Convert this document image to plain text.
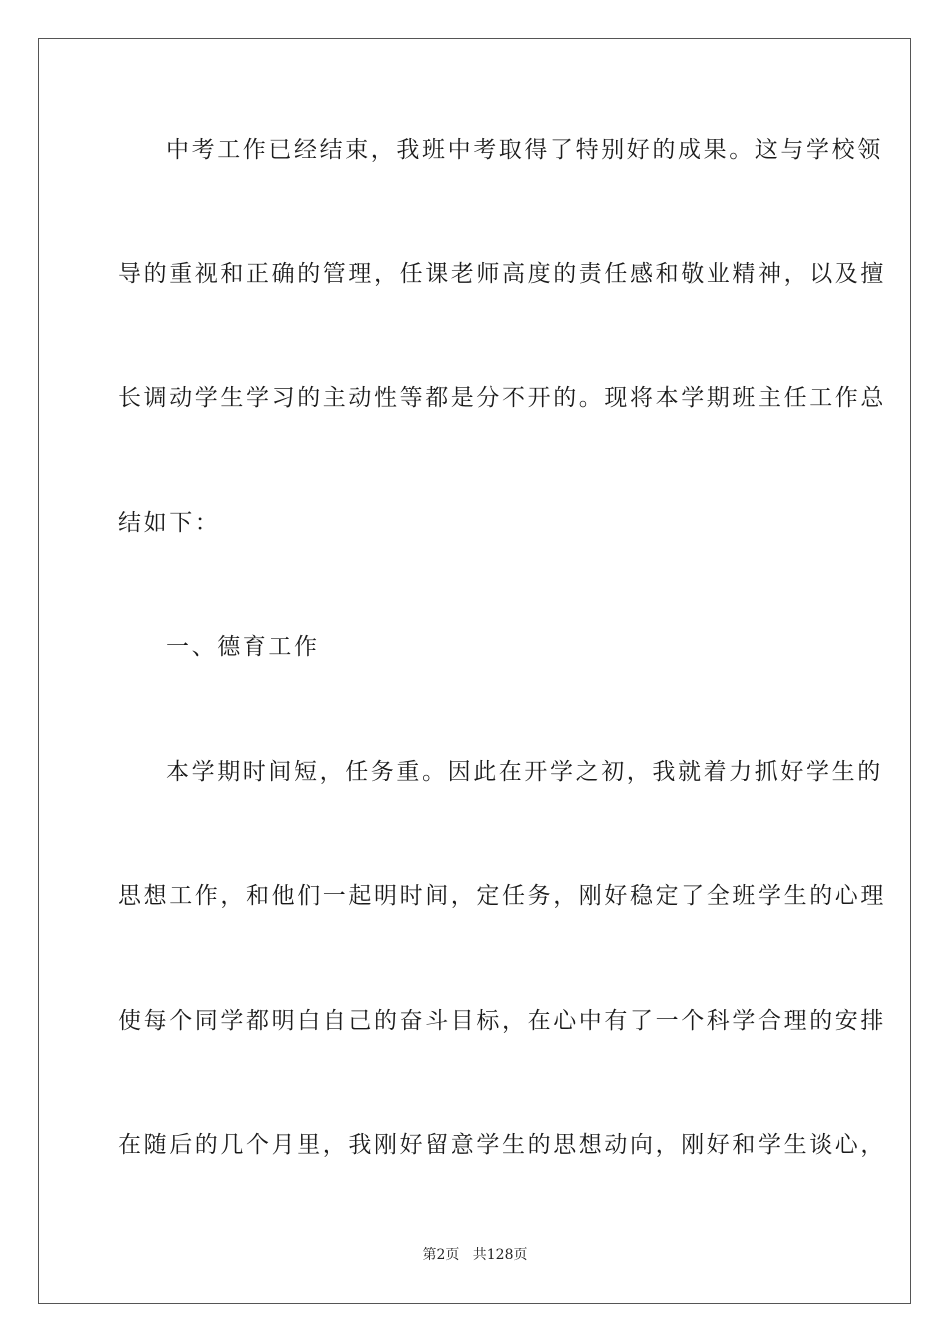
中考工作已经结束，我班中考取得了特别好的成果。这与学校领
导的重视和正确的管理，任课老师高度的责任感和敬业精神，以及擅
长调动学生学习的主动性等都是分不开的。现将本学期班主任工作总
结如下：
一、德育工作
本学期时间短，任务重。因此在开学之初，我就着力抓好学生的
思想工作，和他们一起明时间，定任务，刚好稳定了全班学生的心理
使每个同学都明白自己的奋斗目标，在心中有了一个科学合理的安排
在随后的几个月里，我刚好留意学生的思想动向，刚好和学生谈心，
第2页 共128页
